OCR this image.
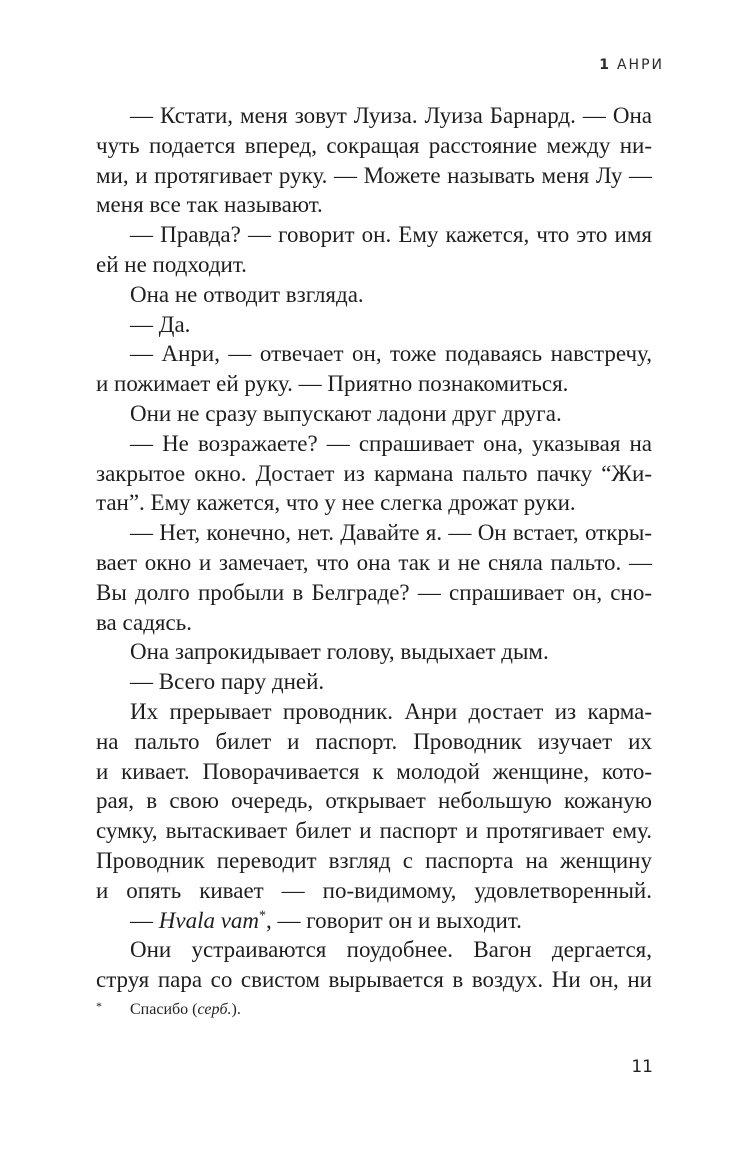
1 АНРИ
— Кстати, меня зовут Луиза. Луиза Барнард. — Она
чуть подается вперед, сокращая расстояние между ни-
ми, и протягивает руку. — Можете называть меня Лу —
меня все так называют.
— Правда? — говорит он. Ему кажется, что это имя
ей не подходит.
Она не отводит взгляда.
— Да.
— Анри, — отвечает он, тоже подаваясь навстречу,
и пожимает ей руку. — Приятно познакомиться.
Они не сразу выпускают ладони друг друга.
— Не возражаете? — спрашивает она, указывая на
закрытое окно. Достает из кармана пальто пачку “Жи-
тан”. Ему кажется, что у нее слегка дрожат руки.
— Нет, конечно, нет. Давайте я. — Он встает, откры-
вает окно и замечает, что она так и не сняла пальто. —
Вы долго пробыли в Белграде? — спрашивает он, сно-
ва садясь.
Она запрокидывает голову, выдыхает дым.
— Всего пару дней.
Их прерывает проводник. Анри достает из карма-
на пальто билет и паспорт. Проводник изучает их
и кивает. Поворачивается к молодой женщине, кото-
рая, в свою очередь, открывает небольшую кожаную
сумку, вытаскивает билет и паспорт и протягивает ему.
Проводник переводит взгляд с паспорта на женщину
и опять кивает — по-видимому, удовлетворенный.
— Hvala vam*, — говорит он и выходит.
Они устраиваются поудобнее. Вагон дергается,
струя пара со свистом вырывается в воздух. Ни он, ни
* Спасибо (серб.).
11
